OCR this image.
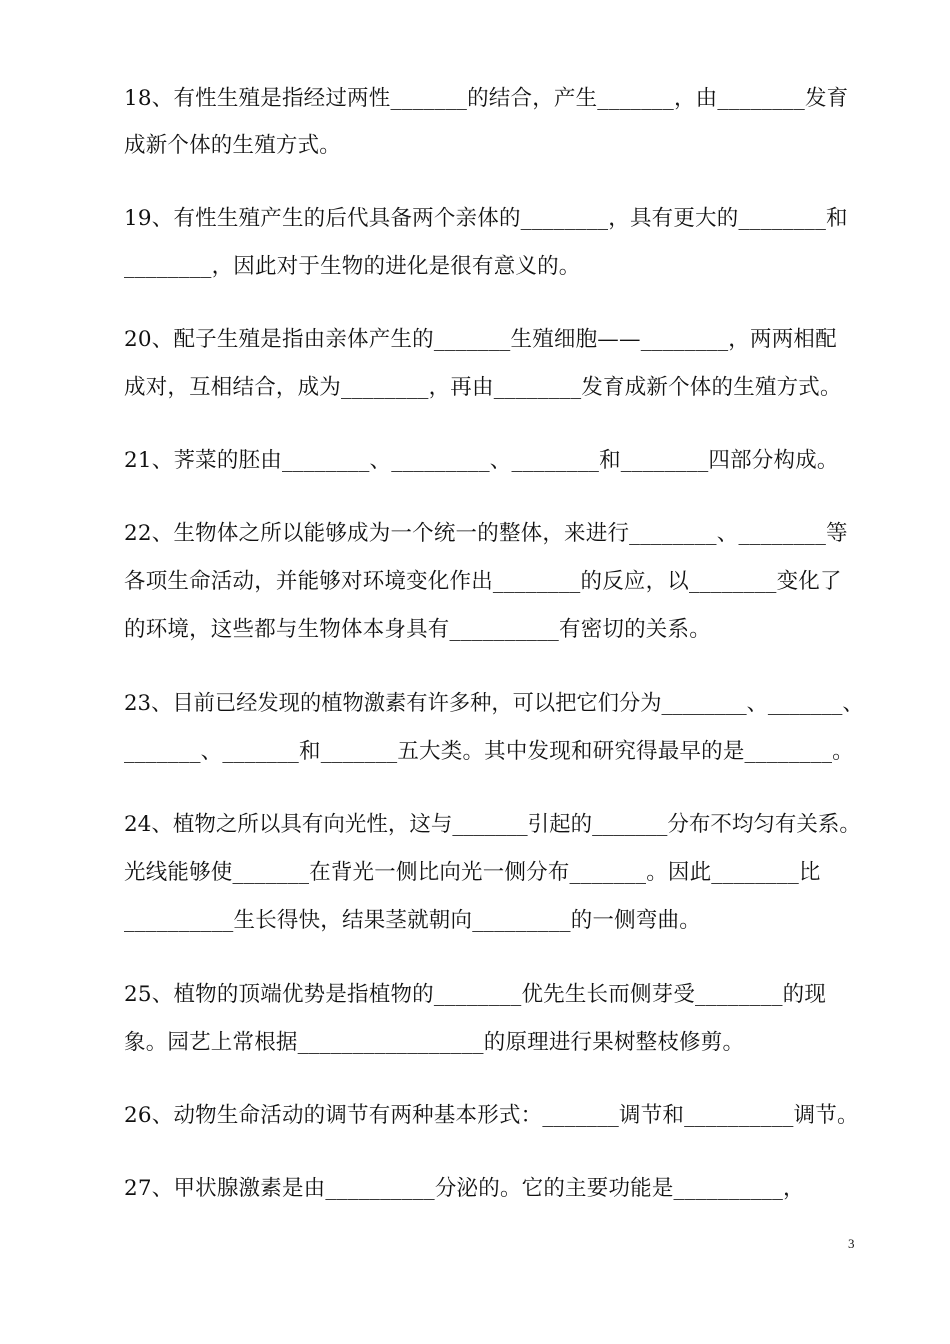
18、有性生殖是指经过两性_______的结合，产生_______，由________发育
成新个体的生殖方式。
19、有性生殖产生的后代具备两个亲体的________，具有更大的________和
________，因此对于生物的进化是很有意义的。
20、配子生殖是指由亲体产生的_______生殖细胞——________，两两相配
成对，互相结合，成为________，再由________发育成新个体的生殖方式。
21、荠菜的胚由________、_________、________和________四部分构成。
22、生物体之所以能够成为一个统一的整体，来进行________、________等
各项生命活动，并能够对环境变化作出________的反应，以________变化了
的环境，这些都与生物体本身具有__________有密切的关系。
23、目前已经发现的植物激素有许多种，可以把它们分为________、_______、
_______、_______和_______五大类。其中发现和研究得最早的是________。
24、植物之所以具有向光性，这与_______引起的_______分布不均匀有关系。
光线能够使_______在背光一侧比向光一侧分布_______。因此________比
__________生长得快，结果茎就朝向_________的一侧弯曲。
25、植物的顶端优势是指植物的________优先生长而侧芽受________的现
象。园艺上常根据_________________的原理进行果树整枝修剪。
26、动物生命活动的调节有两种基本形式：_______调节和__________调节。
27、甲状腺激素是由__________分泌的。它的主要功能是__________，
3
